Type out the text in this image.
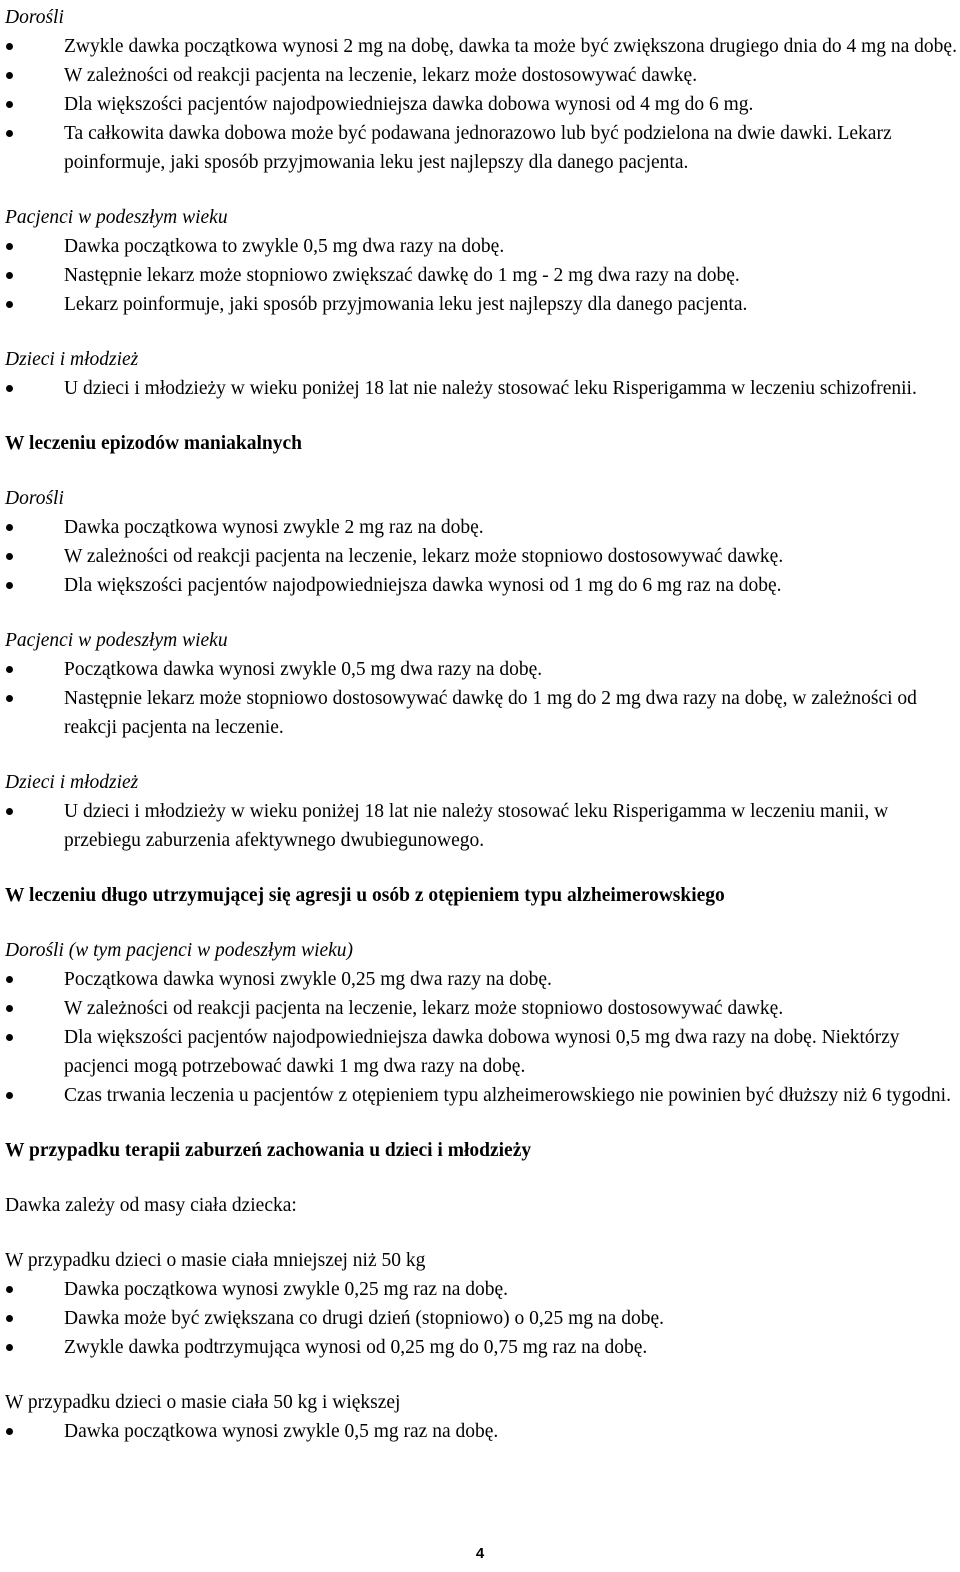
Dorośli

Zwykle dawka początkowa wynosi 2 mg na dobę, dawka ta może być zwiększona drugiego dnia do 4 mg na dobę.
W zależności od reakcji pacjenta na leczenie, lekarz może dostosowywać dawkę.
Dla większości pacjentów najodpowiedniejsza dawka dobowa wynosi od 4 mg do 6 mg.
Ta całkowita dawka dobowa może być podawana jednorazowo lub być podzielona na dwie dawki. Lekarz poinformuje, jaki sposób przyjmowania leku jest najlepszy dla danego pacjenta.

Pacjenci w podeszłym wieku

Dawka początkowa to zwykle 0,5 mg dwa razy na dobę.
Następnie lekarz może stopniowo zwiększać dawkę do 1 mg - 2 mg dwa razy na dobę.
Lekarz poinformuje, jaki sposób przyjmowania leku jest najlepszy dla danego pacjenta.

Dzieci i młodzież

U dzieci i młodzieży w wieku poniżej 18 lat nie należy stosować leku Risperigamma w leczeniu schizofrenii.

W leczeniu epizodów maniakalnych

Dorośli

Dawka początkowa wynosi zwykle 2 mg raz na dobę.
W zależności od reakcji pacjenta na leczenie, lekarz może stopniowo dostosowywać dawkę.
Dla większości pacjentów najodpowiedniejsza dawka wynosi od 1 mg do 6 mg raz na dobę.

Pacjenci w podeszłym wieku

Początkowa dawka wynosi zwykle 0,5 mg dwa razy na dobę.
Następnie lekarz może stopniowo dostosowywać dawkę do 1 mg do 2 mg dwa razy na dobę, w zależności od reakcji pacjenta na leczenie.

Dzieci i młodzież

U dzieci i młodzieży w wieku poniżej 18 lat nie należy stosować leku Risperigamma w leczeniu manii, w przebiegu zaburzenia afektywnego dwubiegunowego.

W leczeniu długo utrzymującej się agresji u osób z otępieniem typu alzheimerowskiego

Dorośli (w tym pacjenci w podeszłym wieku)

Początkowa dawka wynosi zwykle 0,25 mg dwa razy na dobę.
W zależności od reakcji pacjenta na leczenie, lekarz może stopniowo dostosowywać dawkę.
Dla większości pacjentów najodpowiedniejsza dawka dobowa wynosi 0,5 mg dwa razy na dobę. Niektórzy pacjenci mogą potrzebować dawki 1 mg dwa razy na dobę.
Czas trwania leczenia u pacjentów z otępieniem typu alzheimerowskiego nie powinien być dłuższy niż 6 tygodni.

W przypadku terapii zaburzeń zachowania u dzieci i młodzieży

Dawka zależy od masy ciała dziecka:

W przypadku dzieci o masie ciała mniejszej niż 50 kg

Dawka początkowa wynosi zwykle 0,25 mg raz na dobę.
Dawka może być zwiększana co drugi dzień (stopniowo) o 0,25 mg na dobę.
Zwykle dawka podtrzymująca wynosi od 0,25 mg do 0,75 mg raz na dobę.

W przypadku dzieci o masie ciała 50 kg i większej

Dawka początkowa wynosi zwykle 0,5 mg raz na dobę.
4
